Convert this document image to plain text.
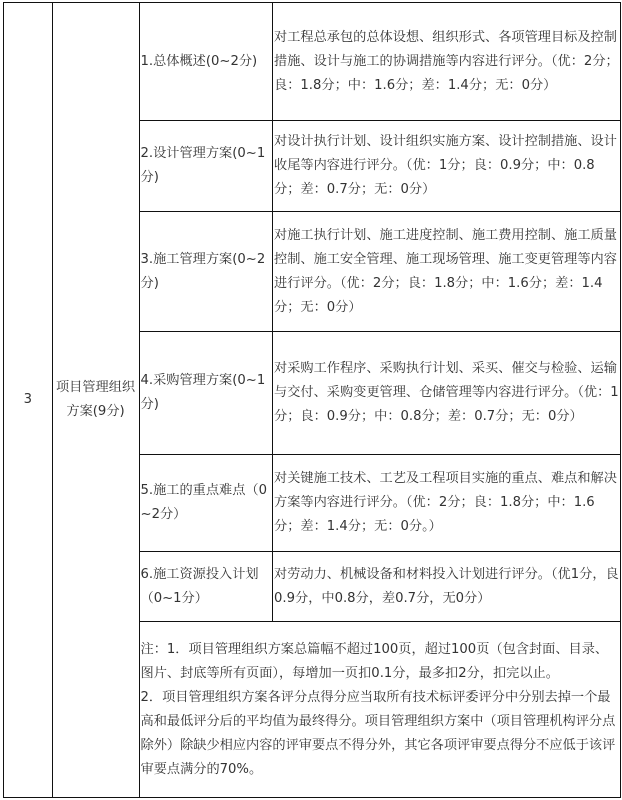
3	项目管理组织方案(9分)	1.总体概述(0~2分)	对工程总承包的总体设想、组织形式、各项管理目标及控制措施、设计与施工的协调措施等内容进行评分。（优：2分；良：1.8分；中：1.6分；差：1.4分；无：0分）
		2.设计管理方案(0~1分)	对设计执行计划、设计组织实施方案、设计控制措施、设计收尾等内容进行评分。（优：1分；良：0.9分；中：0.8分；差：0.7分；无：0分）
		3.施工管理方案(0~2分)	对施工执行计划、施工进度控制、施工费用控制、施工质量控制、施工安全管理、施工现场管理、施工变更管理等内容进行评分。（优：2分；良：1.8分；中：1.6分；差：1.4分；无：0分）
		4.采购管理方案(0~1分)	对采购工作程序、采购执行计划、采买、催交与检验、运输与交付、采购变更管理、仓储管理等内容进行评分。（优：1分；良：0.9分；中：0.8分；差：0.7分；无：0分）
		5.施工的重点难点（0~2分）	对关键施工技术、工艺及工程项目实施的重点、难点和解决方案等内容进行评分。（优：2分；良：1.8分；中：1.6分；差：1.4分；无：0分。）
		6.施工资源投入计划（0~1分）	对劳动力、机械设备和材料投入计划进行评分。（优1分，良0.9分，中0.8分，差0.7分，无0分）

		注：1．项目管理组织方案总篇幅不超过100页，超过100页（包含封面、目录、图片、封底等所有页面），每增加一页扣0.1分，最多扣2分，扣完以止。
2．项目管理组织方案各评分点得分应当取所有技术标评委评分中分别去掉一个最高和最低评分后的平均值为最终得分。项目管理组织方案中（项目管理机构评分点除外）除缺少相应内容的评审要点不得分外，其它各项评审要点得分不应低于该评审要点满分的70%。	
